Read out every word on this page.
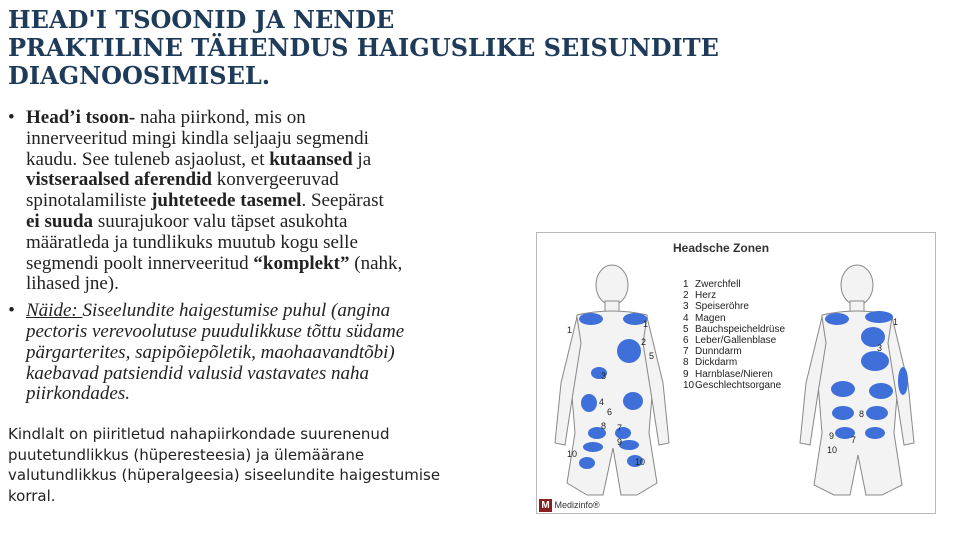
HEAD'I TSOONID JA NENDE
PRAKTILINE TÄHENDUS HAIGUSLIKE SEISUNDITE
DIAGNOOSIMISEL.
• Head’i tsoon- naha piirkond, mis on
innerveeritud mingi kindla seljaaju segmendi
kaudu. See tuleneb asjaolust, et kutaansed ja
vistseraalsed aferendid konvergeeruvad
spinotalamiliste juhteteede tasemel. Seepärast
ei suuda suurajukoor valu täpset asukohta
määratleda ja tundlikuks muutub kogu selle
segmendi poolt innerveeritud “komplekt” (nahk,
lihased jne).
• Näide: Siseelundite haigestumise puhul (angina
pectoris verevoolutuse puudulikkuse tõttu südame
pärgarterites, sapipõiepõletik, maohaavandtõbi)
kaebavad patsiendid valusid vastavates naha
piirkondades.

Kindlalt on piiritletud nahapiirkondade suurenenud
puutetundlikkus (hüperesteesia) ja ülemäärane
valutundlikkus (hüperalgeesia) siseelundite haigestumise
korral.

1
1
2
3
4
5
6
7
8
9
10
10
1
3
8
7
9
10

Headsche Zonen

1 Zwerchfell
2 Herz
3 Speiseröhre
4 Magen
5 Bauchspeicheldrüse
6 Leber/Gallenblase
7 Dunndarm
8 Dickdarm
9 Harnblase/Nieren
10Geschlechtsorgane
M Medizinfo®
